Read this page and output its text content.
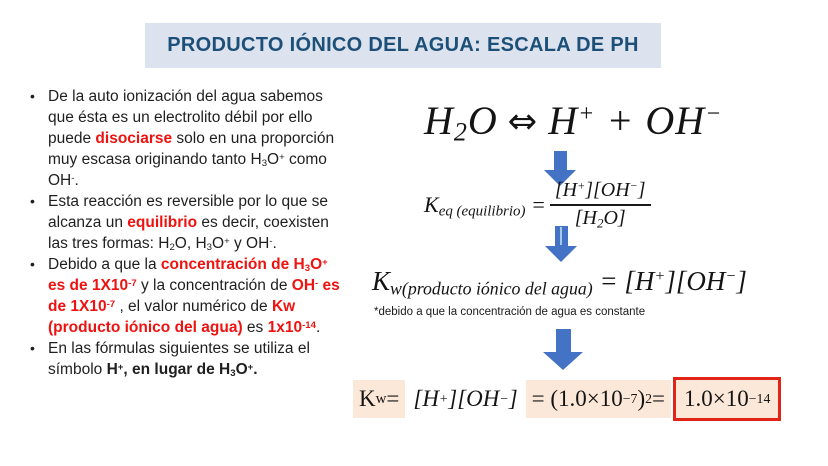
PRODUCTO IÓNICO DEL AGUA: ESCALA DE PH
• De la auto ionización del agua sabemos que ésta es un electrolito débil por ello puede disociarse solo en una proporción muy escasa originando tanto $H_3O^+$ como OH-.
• Esta reacción es reversible por lo que se alcanza un equilibrio es decir, coexisten las tres formas: $H_2O$, $H_3O^+$ y OH-.
• Debido a que la concentración de $H_3O^+$ es de $1X10^{-7}$ y la concentración de OH- es de $1X10^{-7}$ , el valor numérico de Kw (producto iónico del agua) es $1x10^{-14}$.
• En las fórmulas siguientes se utiliza el símbolo H+, en lugar de $H_3O^+$.
$H_2O$ ⇔ H+ + OH−
$K_{eq (equilibrio)} = \frac{[H^+][OH^-]}{[H_2O]}$
$K_{w(producto iónico del agua)} = [H^+][OH^-]$
*debido a que la concentración de agua es constante
K w = [H + ][OH − ] = (1.0×10 −7 ) 2 = 1.0×10 −14
